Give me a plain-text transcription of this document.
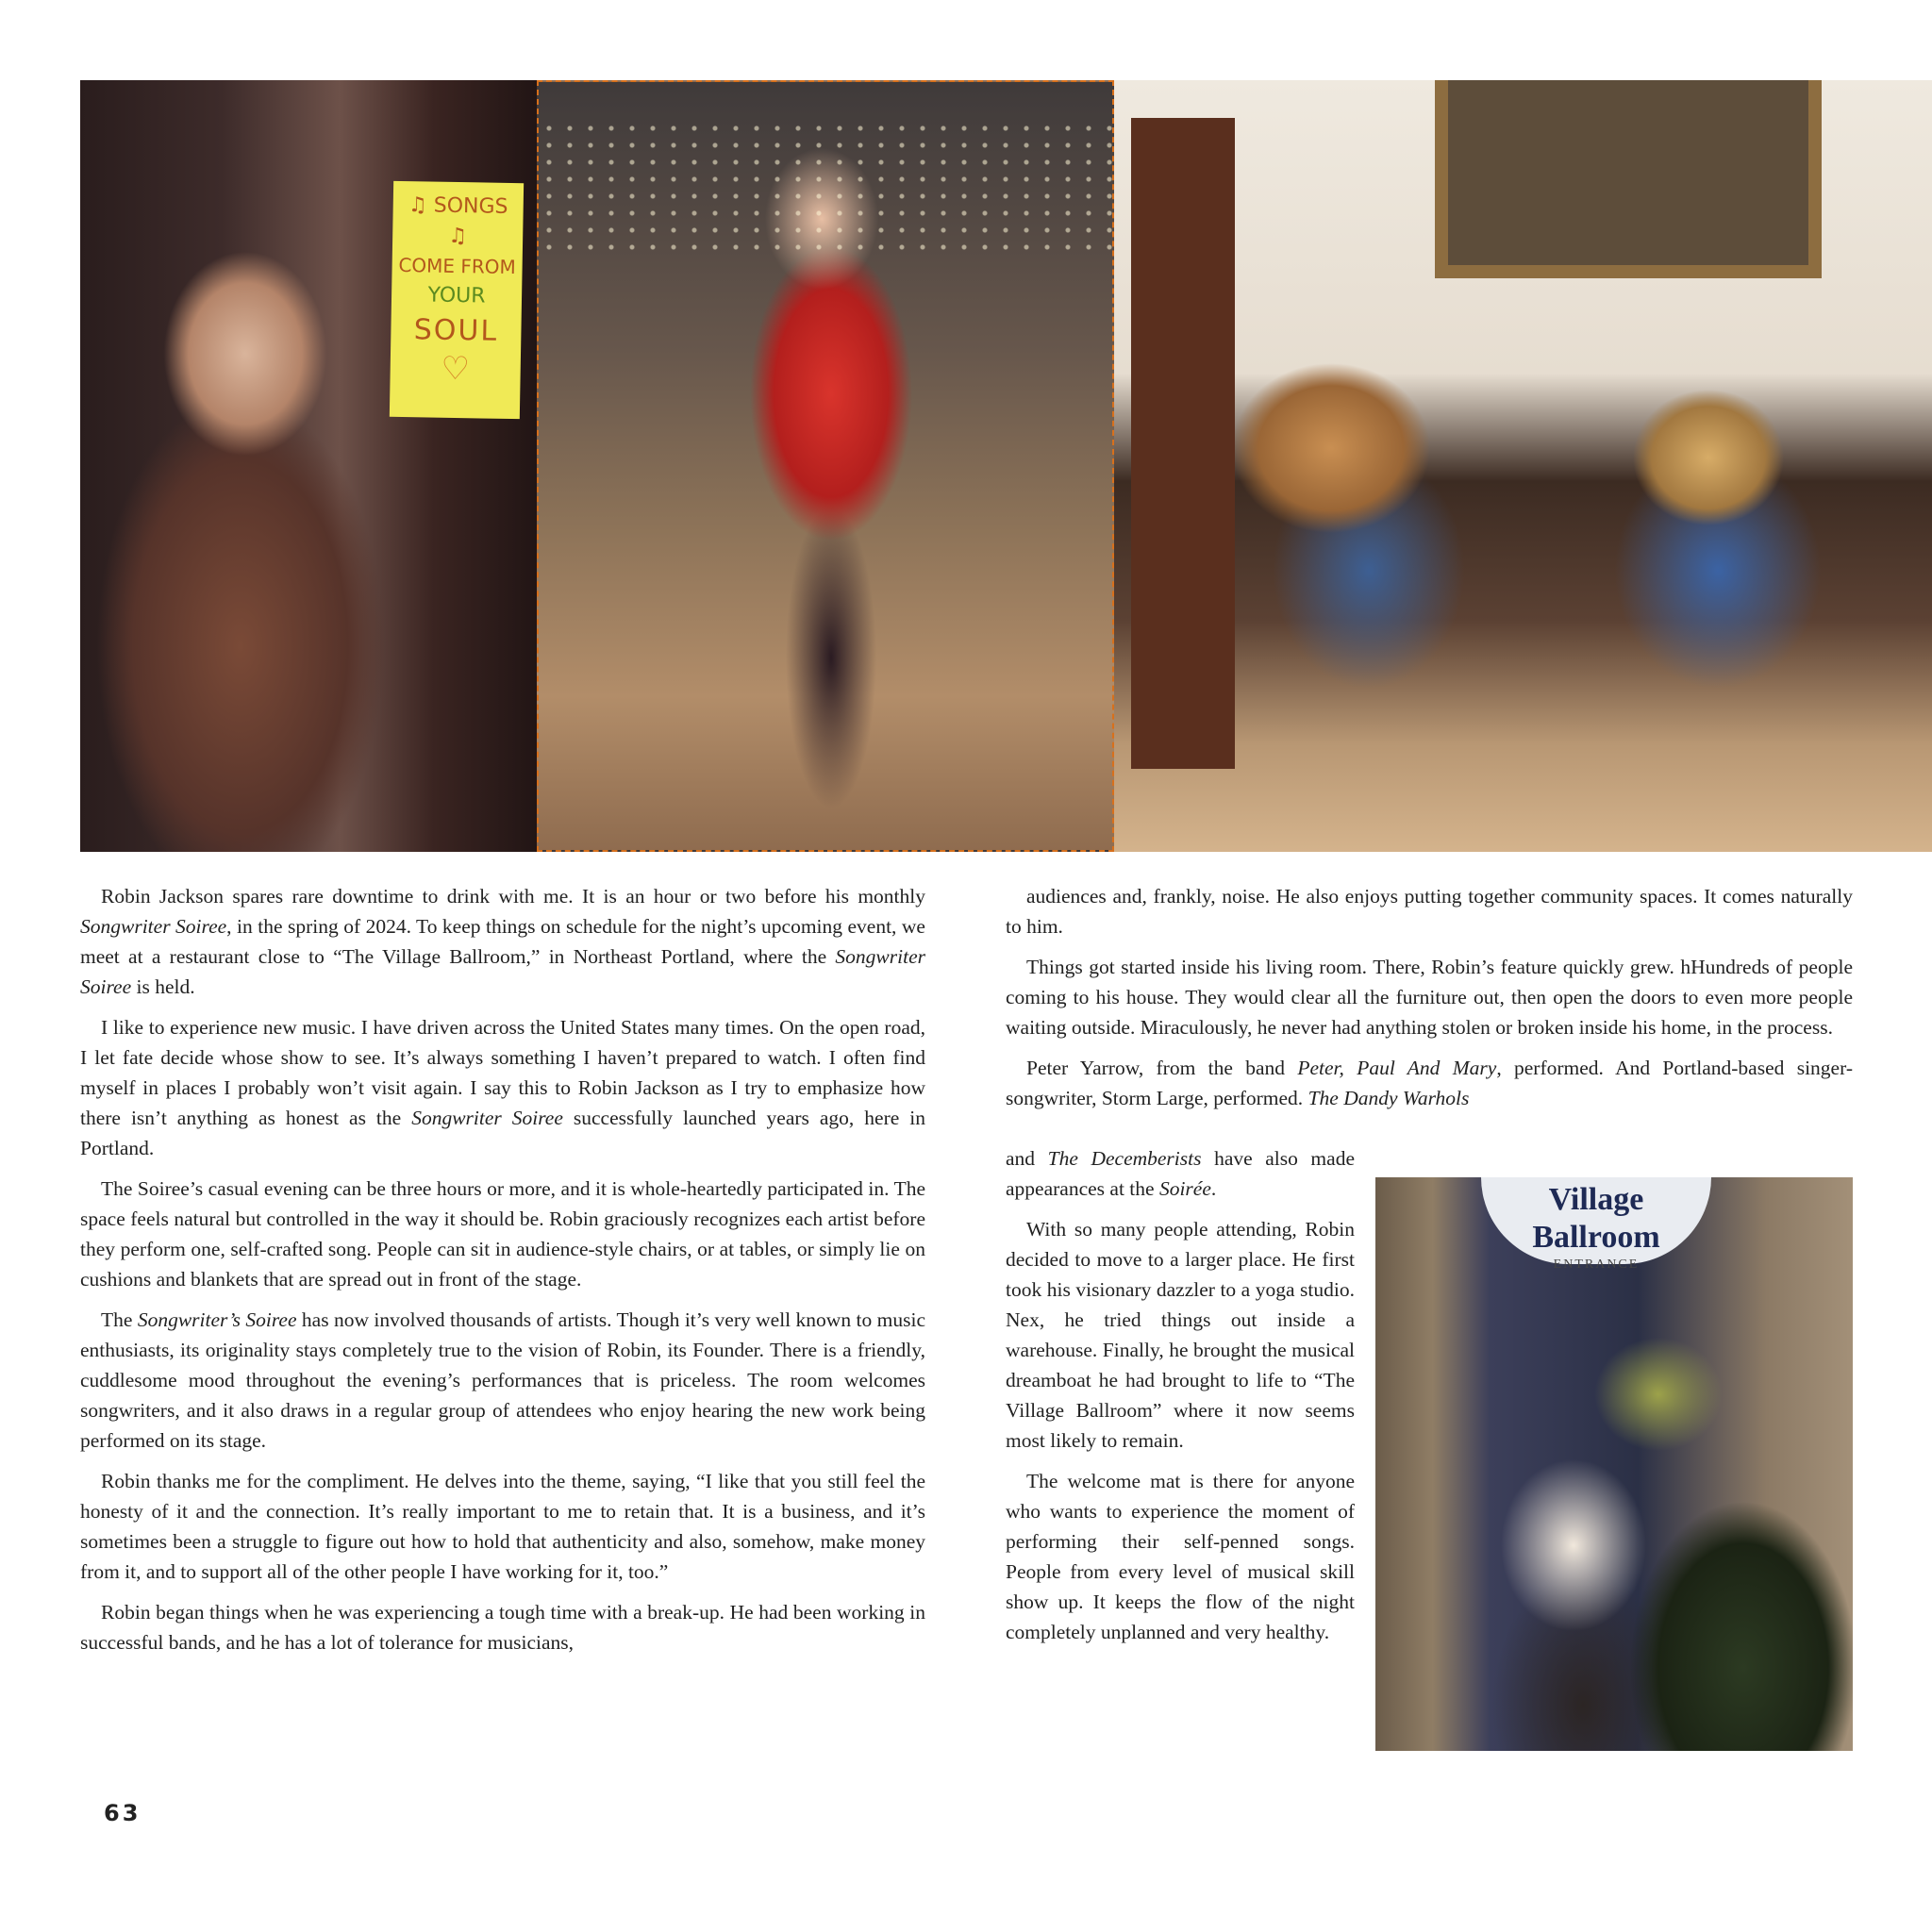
♫ SONGS ♫
COME FROM
YOUR
SOUL
♡

Robin Jackson spares rare downtime to drink with me. It is an hour or two before his monthly Songwriter Soiree, in the spring of 2024. To keep things on schedule for the night’s upcoming event, we meet at a restaurant close to “The Village Ballroom,” in Northeast Portland, where the Songwriter Soiree is held.

I like to experience new music. I have driven across the United States many times. On the open road, I let fate decide whose show to see. It’s always something I haven’t prepared to watch. I often find myself in places I probably won’t visit again. I say this to Robin Jackson as I try to emphasize how there isn’t anything as honest as the Songwriter Soiree successfully launched years ago, here in Portland.

The Soiree’s casual evening can be three hours or more, and it is whole-heartedly participated in. The space feels natural but controlled in the way it should be. Robin graciously recognizes each artist before they perform one, self-crafted song. People can sit in audience-style chairs, or at tables, or simply lie on cushions and blankets that are spread out in front of the stage.

The Songwriter’s Soiree has now involved thousands of artists. Though it’s very well known to music enthusiasts, its originality stays completely true to the vision of Robin, its Founder. There is a friendly, cuddlesome mood throughout the evening’s performances that is priceless. The room welcomes songwriters, and it also draws in a regular group of attendees who enjoy hearing the new work being performed on its stage.

Robin thanks me for the compliment. He delves into the theme, saying, “I like that you still feel the honesty of it and the connection. It’s really important to me to retain that. It is a business, and it’s sometimes been a struggle to figure out how to hold that authenticity and also, somehow, make money from it, and to support all of the other people I have working for it, too.”

Robin began things when he was experiencing a tough time with a break-up. He had been working in successful bands, and he has a lot of tolerance for musicians,

audiences and, frankly, noise. He also enjoys putting together community spaces. It comes naturally to him.

Things got started inside his living room. There, Robin’s feature quickly grew. hHundreds of people coming to his house. They would clear all the furniture out, then open the doors to even more people waiting outside. Miraculously, he never had anything stolen or broken inside his home, in the process.

Peter Yarrow, from the band Peter, Paul And Mary, performed. And Portland-based singer-songwriter, Storm Large, performed. The Dandy Warhols

and The Decemberists have also made appearances at the Soirée.

With so many people attending, Robin decided to move to a larger place. He first took his visionary dazzler to a yoga studio. Nex, he tried things out inside a warehouse. Finally, he brought the musical dreamboat he had brought to life to “The Village Ballroom” where it now seems most likely to remain.

The welcome mat is there for anyone who wants to experience the moment of performing their self-penned songs. People from every level of musical skill show up. It keeps the flow of the night completely unplanned and very healthy.

Village Ballroom
ENTRANCE
63
